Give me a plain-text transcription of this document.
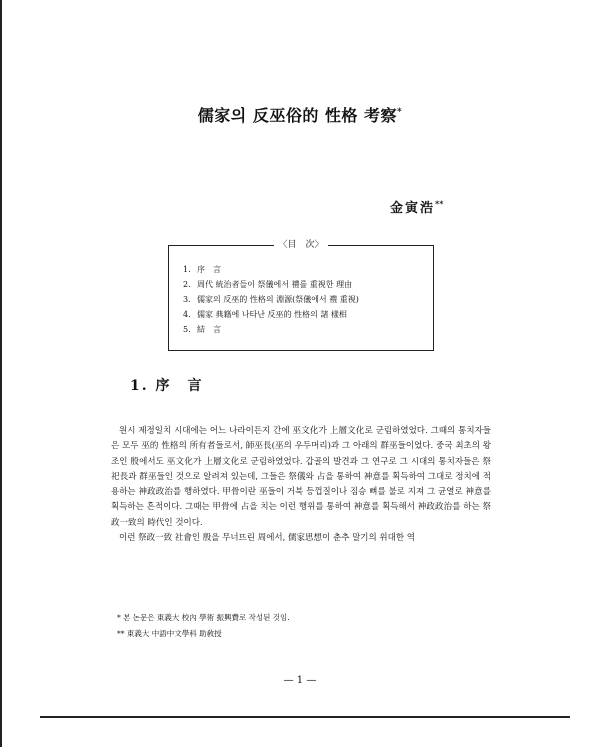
儒家의 反巫俗的 性格 考察*
金寅浩**
〈目　次〉
1. 序　言
2. 周代 統治者들이 祭儀에서 禮를 重視한 理由
3. 儒家의 反巫的 性格의 淵源(祭儀에서 禮 重視)
4. 儒家 典籍에 나타난 反巫的 性格의 諸 樣相
5. 結　言
1. 序　言

원시 제정일치 시대에는 어느 나라이든지 간에 巫文化가 上層文化로 군림하였었다. 그때의 통치자들은 모두 巫的 性格의 所有者들로서, 師巫長(巫의 우두머리)과 그 아래의 群巫들이었다. 중국 최초의 왕조인 殷에서도 巫文化가 上層文化로 군림하였었다. 갑골의 발견과 그 연구로 그 시대의 통치자들은 祭祀長과 群巫들인 것으로 알려져 있는데, 그들은 祭儀와 占을 통하여 神意를 획득하여 그대로 정치에 적용하는 神政政治를 행하였다. 甲骨이란 巫들이 거북 등껍질이나 짐승 뼈를 불로 지져 그 균열로 神意를 획득하는 흔적이다. 그때는 甲骨에 占을 치는 이런 행위를 통하여 神意를 획득해서 神政政治를 하는 祭政一致의 時代인 것이다.

이런 祭政一致 社會인 殷을 무너뜨린 周에서, 儒家思想이 춘추 말기의 위대한 역

* 본 논문은 東義大 校內 學術 振興費로 작성된 것임.
** 東義大 中語中文學科 助敎授
— 1 —
